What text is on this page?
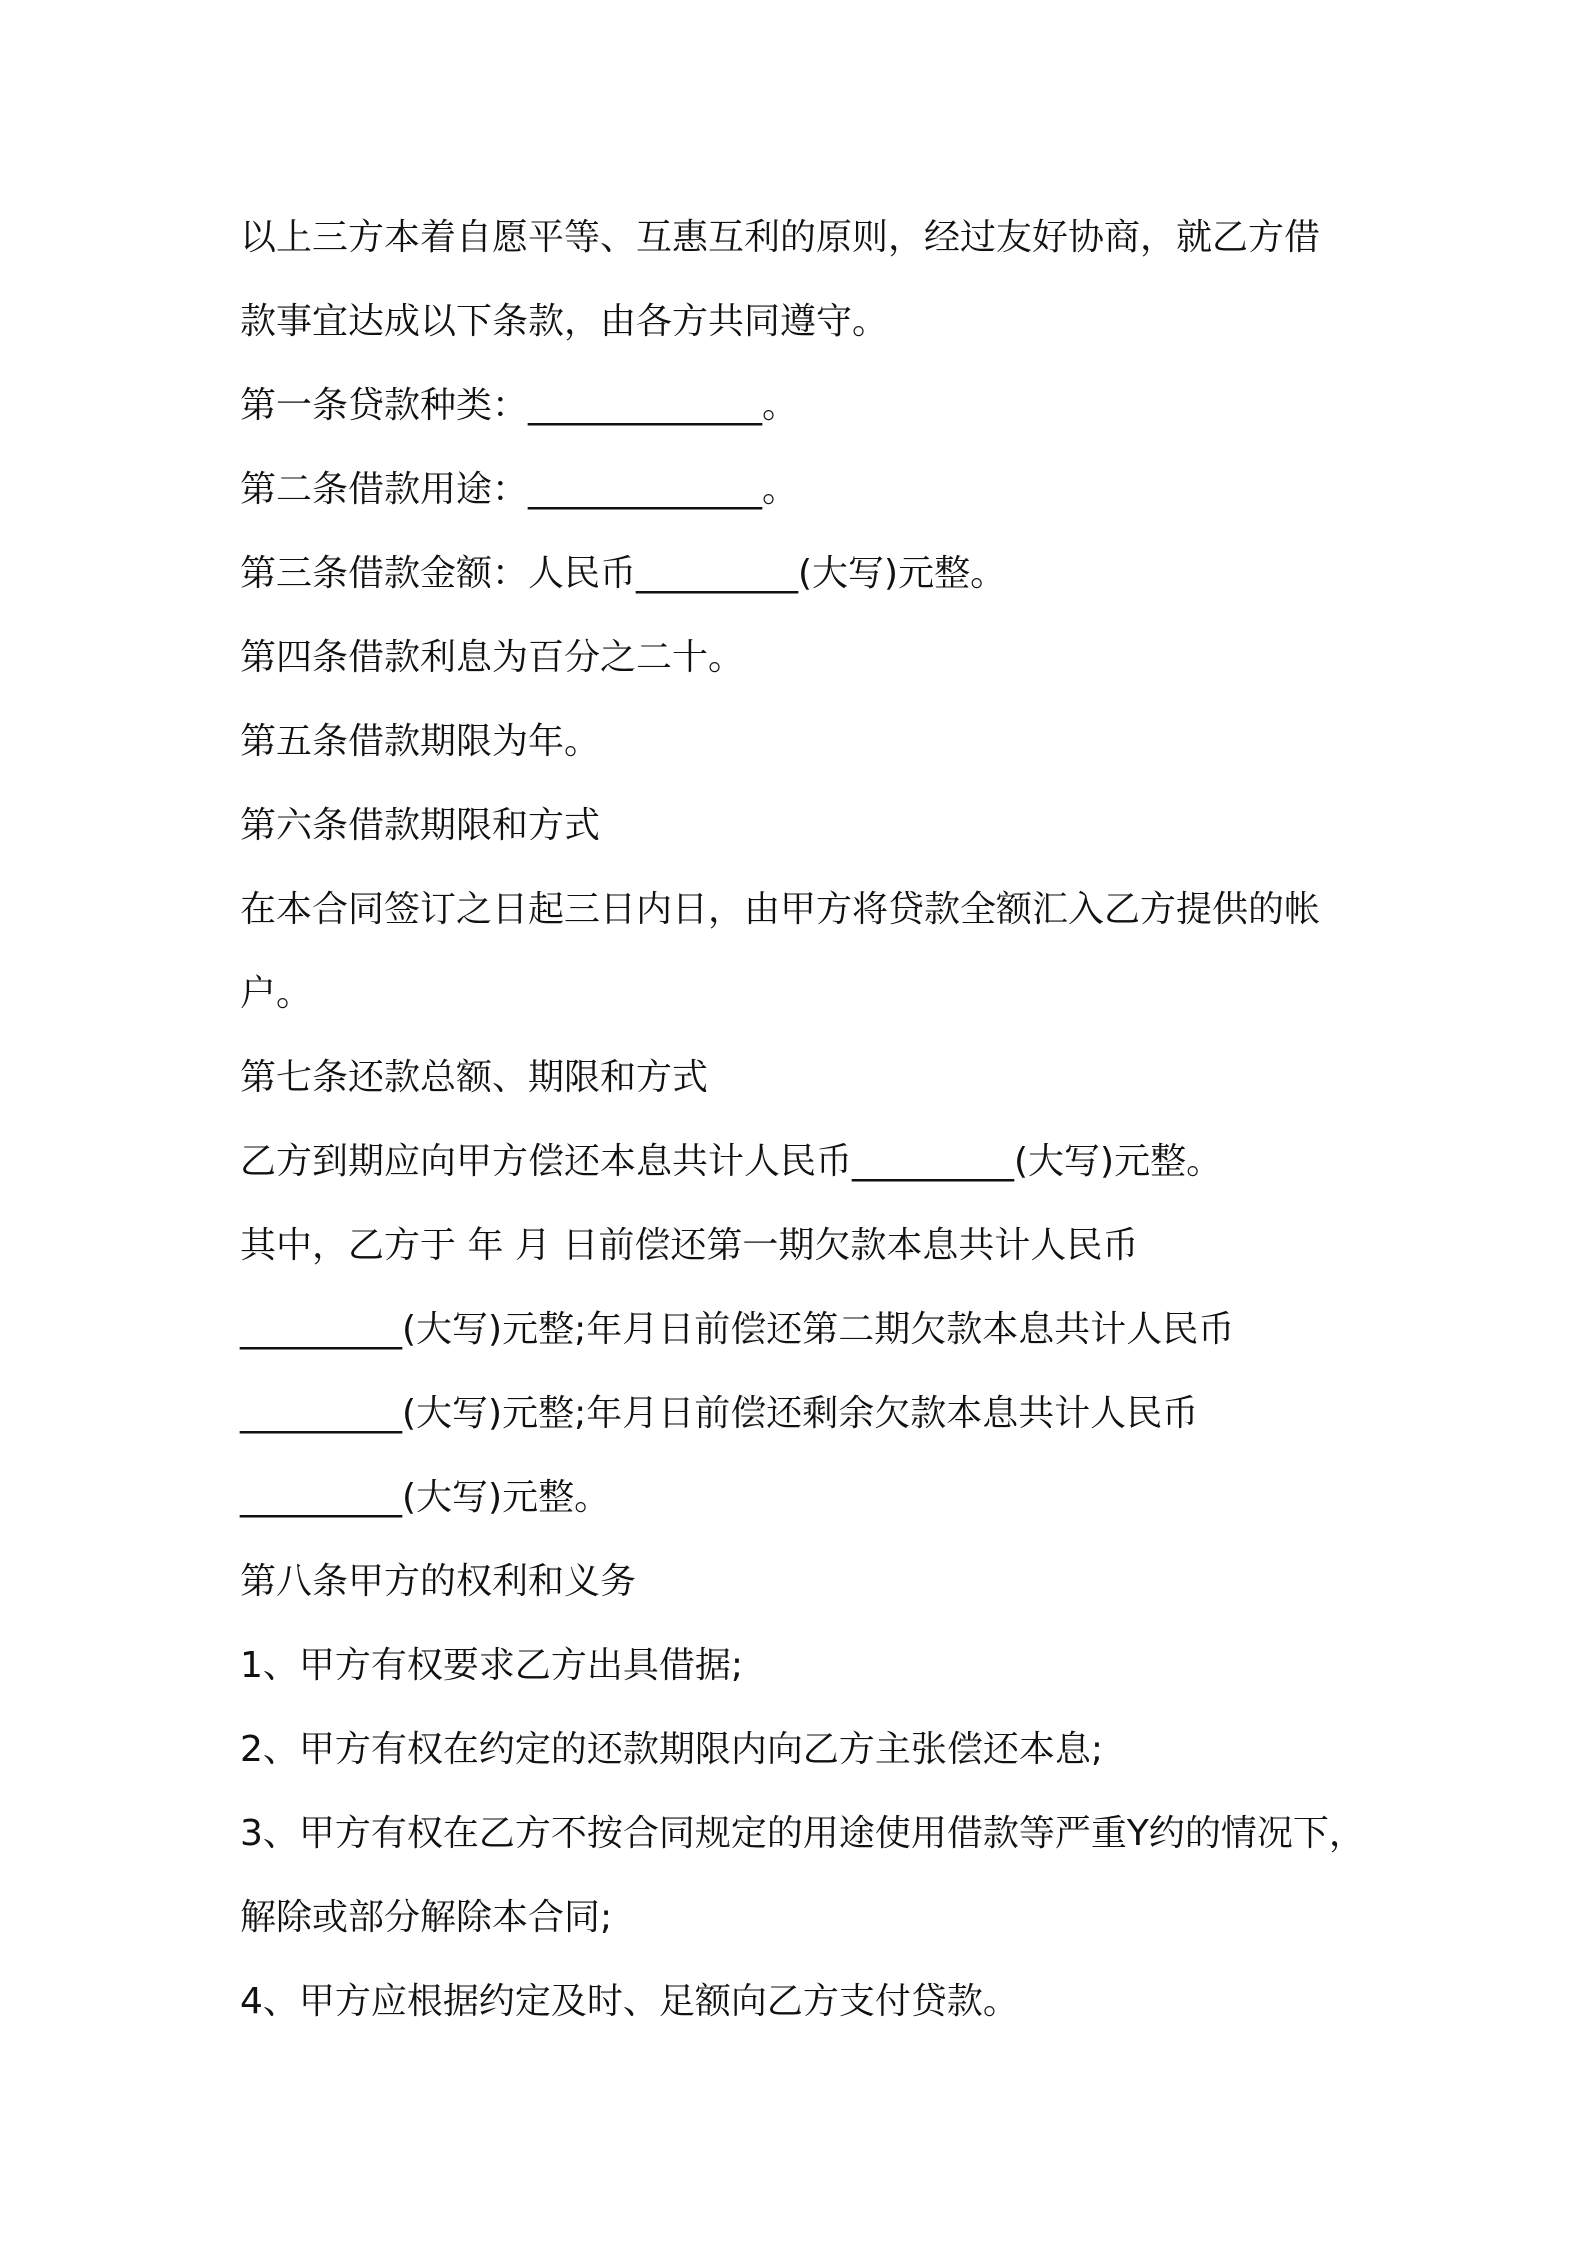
以上三方本着自愿平等、互惠互利的原则，经过友好协商，就乙方借
款事宜达成以下条款，由各方共同遵守。
第一条贷款种类：_____________。
第二条借款用途：_____________。
第三条借款金额：人民币_________(大写)元整。
第四条借款利息为百分之二十。
第五条借款期限为年。
第六条借款期限和方式
在本合同签订之日起三日内日，由甲方将贷款全额汇入乙方提供的帐
户。
第七条还款总额、期限和方式
乙方到期应向甲方偿还本息共计人民币_________(大写)元整。
其中，乙方于 年 月 日前偿还第一期欠款本息共计人民币
_________(大写)元整;年月日前偿还第二期欠款本息共计人民币
_________(大写)元整;年月日前偿还剩余欠款本息共计人民币
_________(大写)元整。
第八条甲方的权利和义务
1、甲方有权要求乙方出具借据;
2、甲方有权在约定的还款期限内向乙方主张偿还本息;
3、甲方有权在乙方不按合同规定的用途使用借款等严重Y约的情况下，
解除或部分解除本合同;
4、甲方应根据约定及时、足额向乙方支付贷款。
